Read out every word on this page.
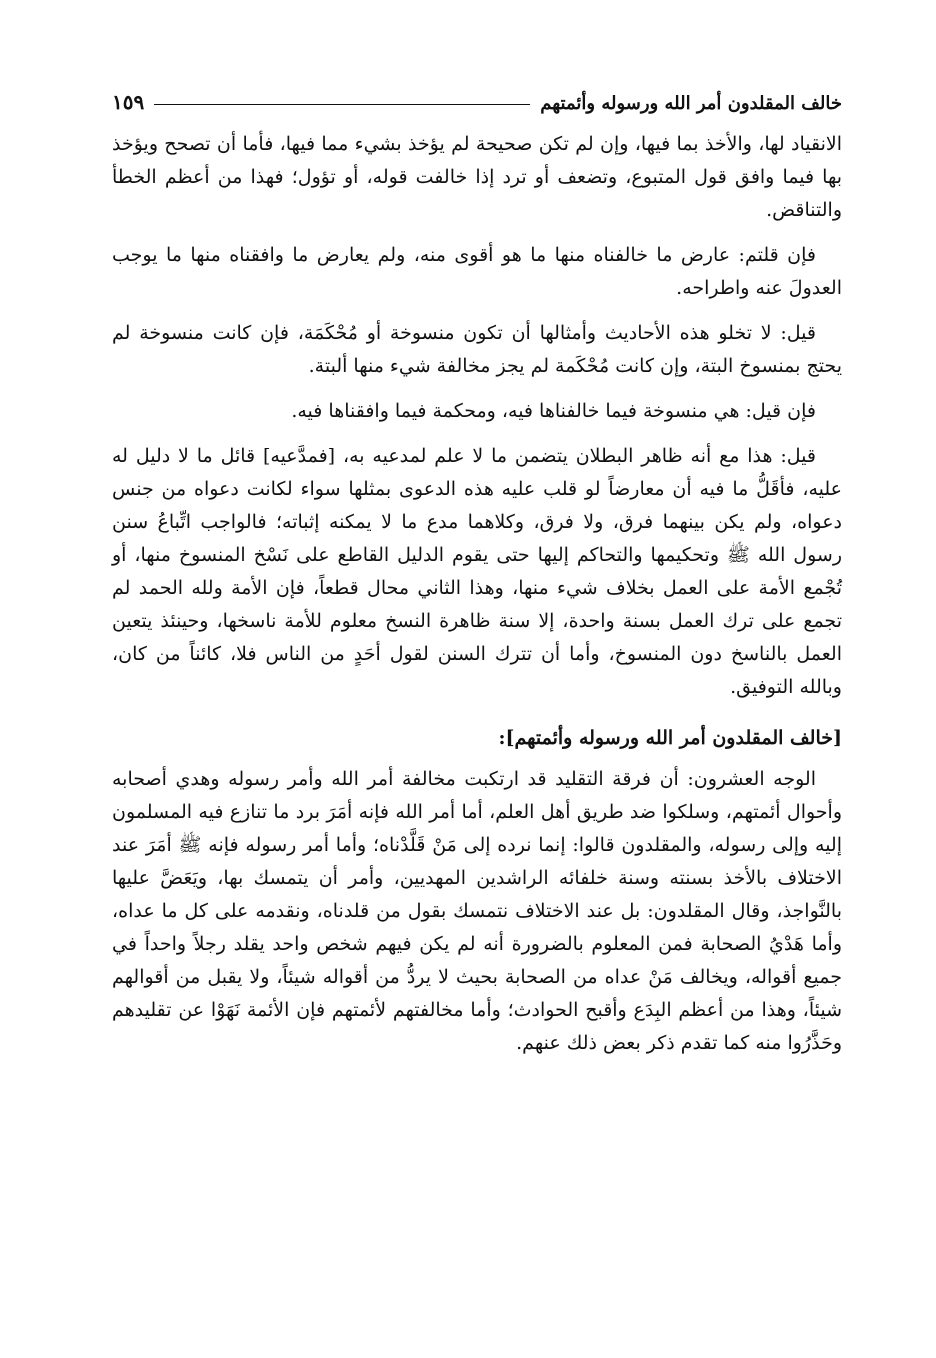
خالف المقلدون أمر الله ورسوله وأئمتهم
١٥٩

الانقياد لها، والأخذ بما فيها، وإن لم تكن صحيحة لم يؤخذ بشيء مما فيها، فأما أن تصحح ويؤخذ بها فيما وافق قول المتبوع، وتضعف أو ترد إذا خالفت قوله، أو تؤول؛ فهذا من أعظم الخطأ والتناقض.

فإن قلتم: عارض ما خالفناه منها ما هو أقوى منه، ولم يعارض ما وافقناه منها ما يوجب العدولَ عنه واطراحه.

قيل: لا تخلو هذه الأحاديث وأمثالها أن تكون منسوخة أو مُحْكَمَة، فإن كانت منسوخة لم يحتج بمنسوخ البتة، وإن كانت مُحْكَمة لم يجز مخالفة شيء منها ألبتة.

فإن قيل: هي منسوخة فيما خالفناها فيه، ومحكمة فيما وافقناها فيه.

قيل: هذا مع أنه ظاهر البطلان يتضمن ما لا علم لمدعيه به، [فمدَّعيه] قائل ما لا دليل له عليه، فأقَلُّ ما فيه أن معارضاً لو قلب عليه هذه الدعوى بمثلها سواء لكانت دعواه من جنس دعواه، ولم يكن بينهما فرق، ولا فرق، وكلاهما مدع ما لا يمكنه إثباته؛ فالواجب اتِّباعُ سنن رسول الله ﷺ وتحكيمها والتحاكم إليها حتى يقوم الدليل القاطع على نَسْخ المنسوخ منها، أو تُجْمع الأمة على العمل بخلاف شيء منها، وهذا الثاني محال قطعاً، فإن الأمة ولله الحمد لم تجمع على ترك العمل بسنة واحدة، إلا سنة ظاهرة النسخ معلوم للأمة ناسخها، وحينئذ يتعين العمل بالناسخ دون المنسوخ، وأما أن تترك السنن لقول أحَدٍ من الناس فلا، كائناً من كان، وبالله التوفيق.

[خالف المقلدون أمر الله ورسوله وأئمتهم]:

الوجه العشرون: أن فرقة التقليد قد ارتكبت مخالفة أمر الله وأمر رسوله وهدي أصحابه وأحوال أئمتهم، وسلكوا ضد طريق أهل العلم، أما أمر الله فإنه أمَرَ برد ما تنازع فيه المسلمون إليه وإلى رسوله، والمقلدون قالوا: إنما نرده إلى مَنْ قَلَّدْناه؛ وأما أمر رسوله فإنه ﷺ أمَرَ عند الاختلاف بالأخذ بسنته وسنة خلفائه الراشدين المهديين، وأمر أن يتمسك بها، ويَعَضَّ عليها بالنَّواجذ، وقال المقلدون: بل عند الاختلاف نتمسك بقول من قلدناه، ونقدمه على كل ما عداه، وأما هَدْيُ الصحابة فمن المعلوم بالضرورة أنه لم يكن فيهم شخص واحد يقلد رجلاً واحداً في جميع أقواله، ويخالف مَنْ عداه من الصحابة بحيث لا يردُّ من أقواله شيئاً، ولا يقبل من أقوالهم شيئاً، وهذا من أعظم البِدَع وأقبح الحوادث؛ وأما مخالفتهم لأئمتهم فإن الأئمة نَهَوْا عن تقليدهم وحَذَّرُوا منه كما تقدم ذكر بعض ذلك عنهم.
